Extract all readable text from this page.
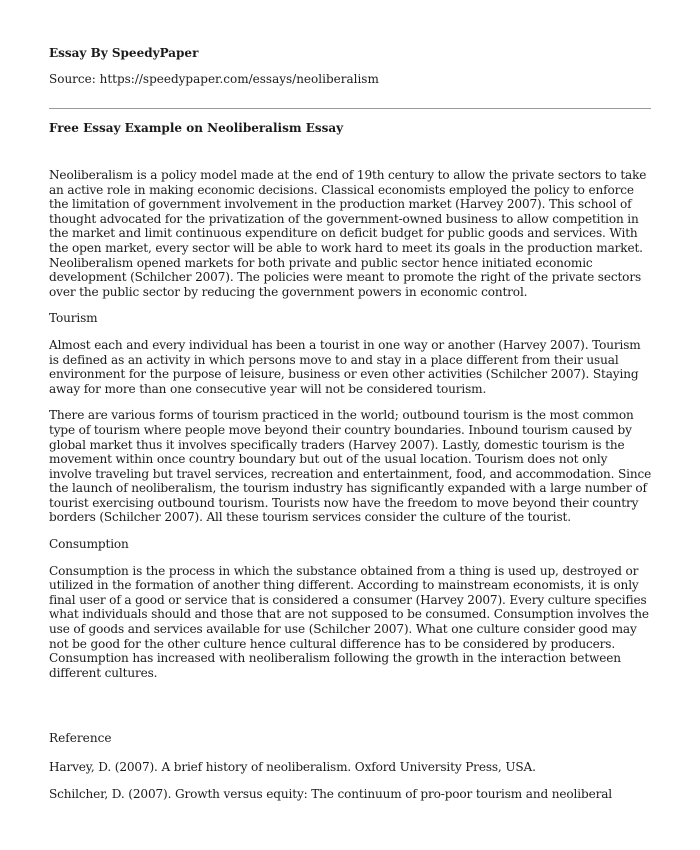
Essay By SpeedyPaper
Source: https://speedypaper.com/essays/neoliberalism
Free Essay Example on Neoliberalism Essay

Neoliberalism is a policy model made at the end of 19th century to allow the private sectors to take an active role in making economic decisions. Classical economists employed the policy to enforce the limitation of government involvement in the production market (Harvey 2007). This school of thought advocated for the privatization of the government-owned business to allow competition in the market and limit continuous expenditure on deficit budget for public goods and services. With the open market, every sector will be able to work hard to meet its goals in the production market. Neoliberalism opened markets for both private and public sector hence initiated economic development (Schilcher 2007). The policies were meant to promote the right of the private sectors over the public sector by reducing the government powers in economic control.

Tourism

Almost each and every individual has been a tourist in one way or another (Harvey 2007). Tourism is defined as an activity in which persons move to and stay in a place different from their usual environment for the purpose of leisure, business or even other activities (Schilcher 2007). Staying away for more than one consecutive year will not be considered tourism.

There are various forms of tourism practiced in the world; outbound tourism is the most common type of tourism where people move beyond their country boundaries. Inbound tourism caused by global market thus it involves specifically traders (Harvey 2007). Lastly, domestic tourism is the movement within once country boundary but out of the usual location. Tourism does not only involve traveling but travel services, recreation and entertainment, food, and accommodation. Since the launch of neoliberalism, the tourism industry has significantly expanded with a large number of tourist exercising outbound tourism. Tourists now have the freedom to move beyond their country borders (Schilcher 2007). All these tourism services consider the culture of the tourist.

Consumption

Consumption is the process in which the substance obtained from a thing is used up, destroyed or utilized in the formation of another thing different. According to mainstream economists, it is only final user of a good or service that is considered a consumer (Harvey 2007). Every culture specifies what individuals should and those that are not supposed to be consumed. Consumption involves the use of goods and services available for use (Schilcher 2007). What one culture consider good may not be good for the other culture hence cultural difference has to be considered by producers. Consumption has increased with neoliberalism following the growth in the interaction between different cultures.

Reference
Harvey, D. (2007). A brief history of neoliberalism. Oxford University Press, USA.
Schilcher, D. (2007). Growth versus equity: The continuum of pro-poor tourism and neoliberal
